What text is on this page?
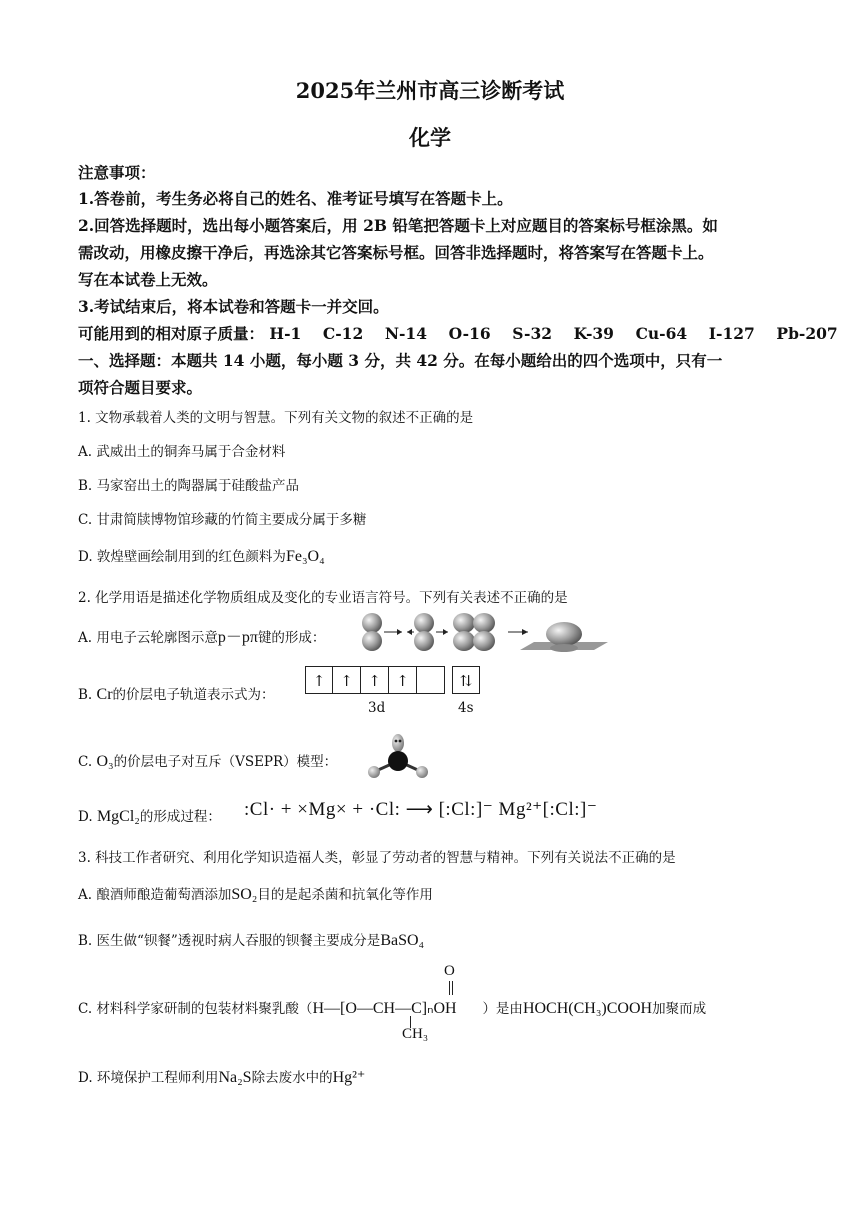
2025年兰州市高三诊断考试
化学
注意事项：
1.答卷前，考生务必将自己的姓名、准考证号填写在答题卡上。
2.回答选择题时，选出每小题答案后，用 2B 铅笔把答题卡上对应题目的答案标号框涂黑。如
需改动，用橡皮擦干净后，再选涂其它答案标号框。回答非选择题时，将答案写在答题卡上。
写在本试卷上无效。
3.考试结束后，将本试卷和答题卡一并交回。
可能用到的相对原子质量： H-1 C-12 N-14 O-16 S-32 K-39 Cu-64 I-127 Pb-207
一、选择题：本题共 14 小题，每小题 3 分，共 42 分。在每小题给出的四个选项中，只有一
项符合题目要求。
1. 文物承载着人类的文明与智慧。下列有关文物的叙述不正确的是
A. 武威出土的铜奔马属于合金材料
B. 马家窑出土的陶器属于硅酸盐产品
C. 甘肃简牍博物馆珍藏的竹简主要成分属于多糖
D. 敦煌壁画绘制用到的红色颜料为Fe₃O₄
2. 化学用语是描述化学物质组成及变化的专业语言符号。下列有关表述不正确的是
A. 用电子云轮廓图示意p－pπ键的形成：
B. Cr的价层电子轨道表示式为：
↑ ↑	↑	↑	⇅
3d	4s
C. O₃的价层电子对互斥（VSEPR）模型：
D. MgCl₂的形成过程： :Cl· + ×Mg× + ·Cl: ⟶ [:Cl:]⁻ Mg²⁺[:Cl:]⁻
3. 科技工作者研究、利用化学知识造福人类，彰显了劳动者的智慧与精神。下列有关说法不正确的是
A. 酿酒师酿造葡萄酒添加SO₂目的是起杀菌和抗氧化等作用
B. 医生做“钡餐”透视时病人吞服的钡餐主要成分是BaSO₄
C. 材料科学家研制的包装材料聚乳酸（H—[O—CH—C]ₙOH ）是由HOCH(CH₃)COOH加聚而成
O
CH₃
D. 环境保护工程师利用Na₂S除去废水中的Hg²⁺
